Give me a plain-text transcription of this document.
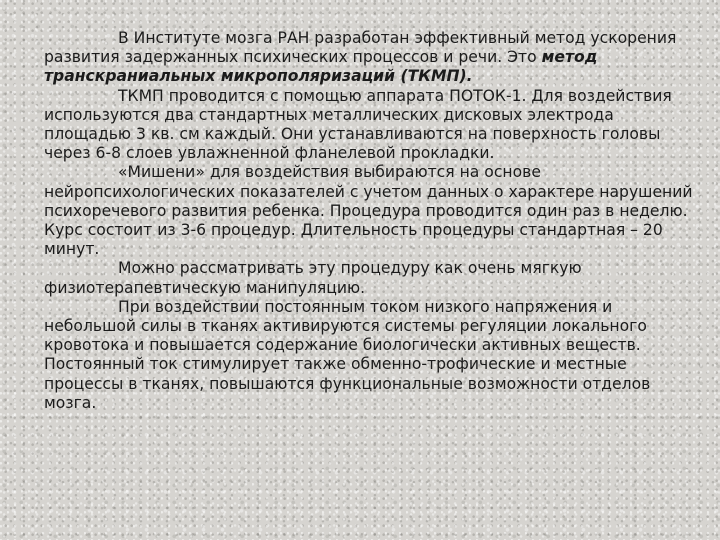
В Институте мозга РАН разработан эффективный метод ускорения развития задержанных психических процессов и речи. Это метод транскраниальных микрополяризаций (ТКМП).

ТКМП проводится с помощью аппарата ПОТОК-1. Для воздействия используются два стандартных металлических дисковых электрода площадью 3 кв. см каждый. Они устанавливаются на поверхность головы через 6-8 слоев увлажненной фланелевой прокладки.

«Мишени» для воздействия выбираются на основе нейропсихологических показателей с учетом данных о характере нарушений психоречевого развития ребенка. Процедура проводится один раз в неделю. Курс состоит из 3-6 процедур. Длительность процедуры стандартная – 20 минут.

Можно рассматривать эту процедуру как очень мягкую физиотерапевтическую манипуляцию.

При воздействии постоянным током низкого напряжения и небольшой силы в тканях активируются системы регуляции локального кровотока и повышается содержание биологически активных веществ. Постоянный ток стимулирует также обменно-трофические и местные процессы в тканях, повышаются функциональные возможности отделов мозга.
